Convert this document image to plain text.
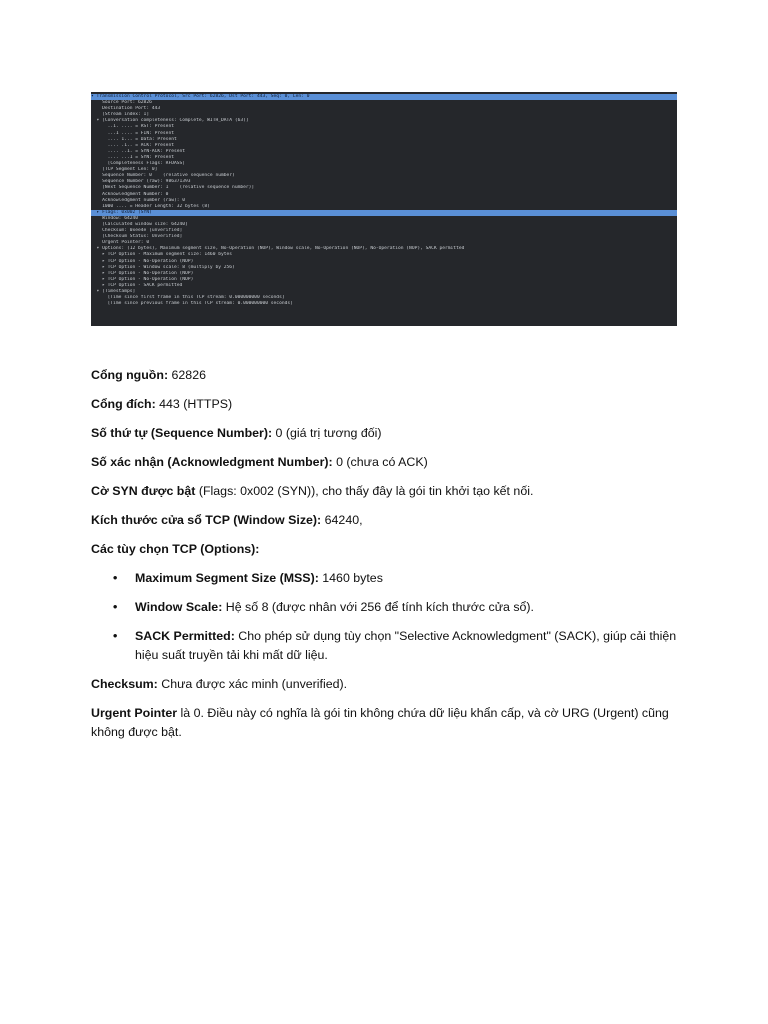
▾ Transmission Control Protocol, Src Port: 62826, Dst Port: 443, Seq: 0, Len: 0
Source Port: 62826
Destination Port: 443
[Stream index: 1]
▾ [Conversation completeness: Complete, WITH_DATA (63)]
..1. .... = RST: Present
...1 .... = FIN: Present
.... 1... = Data: Present
.... .1.. = ACK: Present
.... ..1. = SYN-ACK: Present
.... ...1 = SYN: Present
[Completeness Flags: RFDASS]
[TCP Segment Len: 0]
Sequence Number: 0    (relative sequence number)
Sequence Number (raw): 986371393
[Next Sequence Number: 1    (relative sequence number)]
Acknowledgment Number: 0
Acknowledgment number (raw): 0
1000 .... = Header Length: 32 bytes (8)
▸ Flags: 0x002 (SYN)
Window: 64240
[Calculated window size: 64240]
Checksum: 0xee4e [unverified]
[Checksum Status: Unverified]
Urgent Pointer: 0
▾ Options: (12 bytes), Maximum segment size, No-Operation (NOP), Window scale, No-Operation (NOP), No-Operation (NOP), SACK permitted
▸ TCP Option - Maximum segment size: 1460 bytes
▸ TCP Option - No-Operation (NOP)
▸ TCP Option - Window scale: 8 (multiply by 256)
▸ TCP Option - No-Operation (NOP)
▸ TCP Option - No-Operation (NOP)
▸ TCP Option - SACK permitted
▾ [Timestamps]
[Time since first frame in this TCP stream: 0.000000000 seconds]
[Time since previous frame in this TCP stream: 0.000000000 seconds]

Cổng nguồn: 62826

Cổng đích: 443 (HTTPS)

Số thứ tự (Sequence Number): 0 (giá trị tương đối)

Số xác nhận (Acknowledgment Number): 0 (chưa có ACK)

Cờ SYN được bật (Flags: 0x002 (SYN)), cho thấy đây là gói tin khởi tạo kết nối.

Kích thước cửa sổ TCP (Window Size): 64240,

Các tùy chọn TCP (Options):

• Maximum Segment Size (MSS): 1460 bytes
• Window Scale: Hệ số 8 (được nhân với 256 để tính kích thước cửa sổ).
• SACK Permitted: Cho phép sử dụng tùy chọn "Selective Acknowledgment" (SACK), giúp cải thiện hiệu suất truyền tải khi mất dữ liệu.

Checksum: Chưa được xác minh (unverified).

Urgent Pointer là 0. Điều này có nghĩa là gói tin không chứa dữ liệu khẩn cấp, và cờ URG (Urgent) cũng không được bật.
